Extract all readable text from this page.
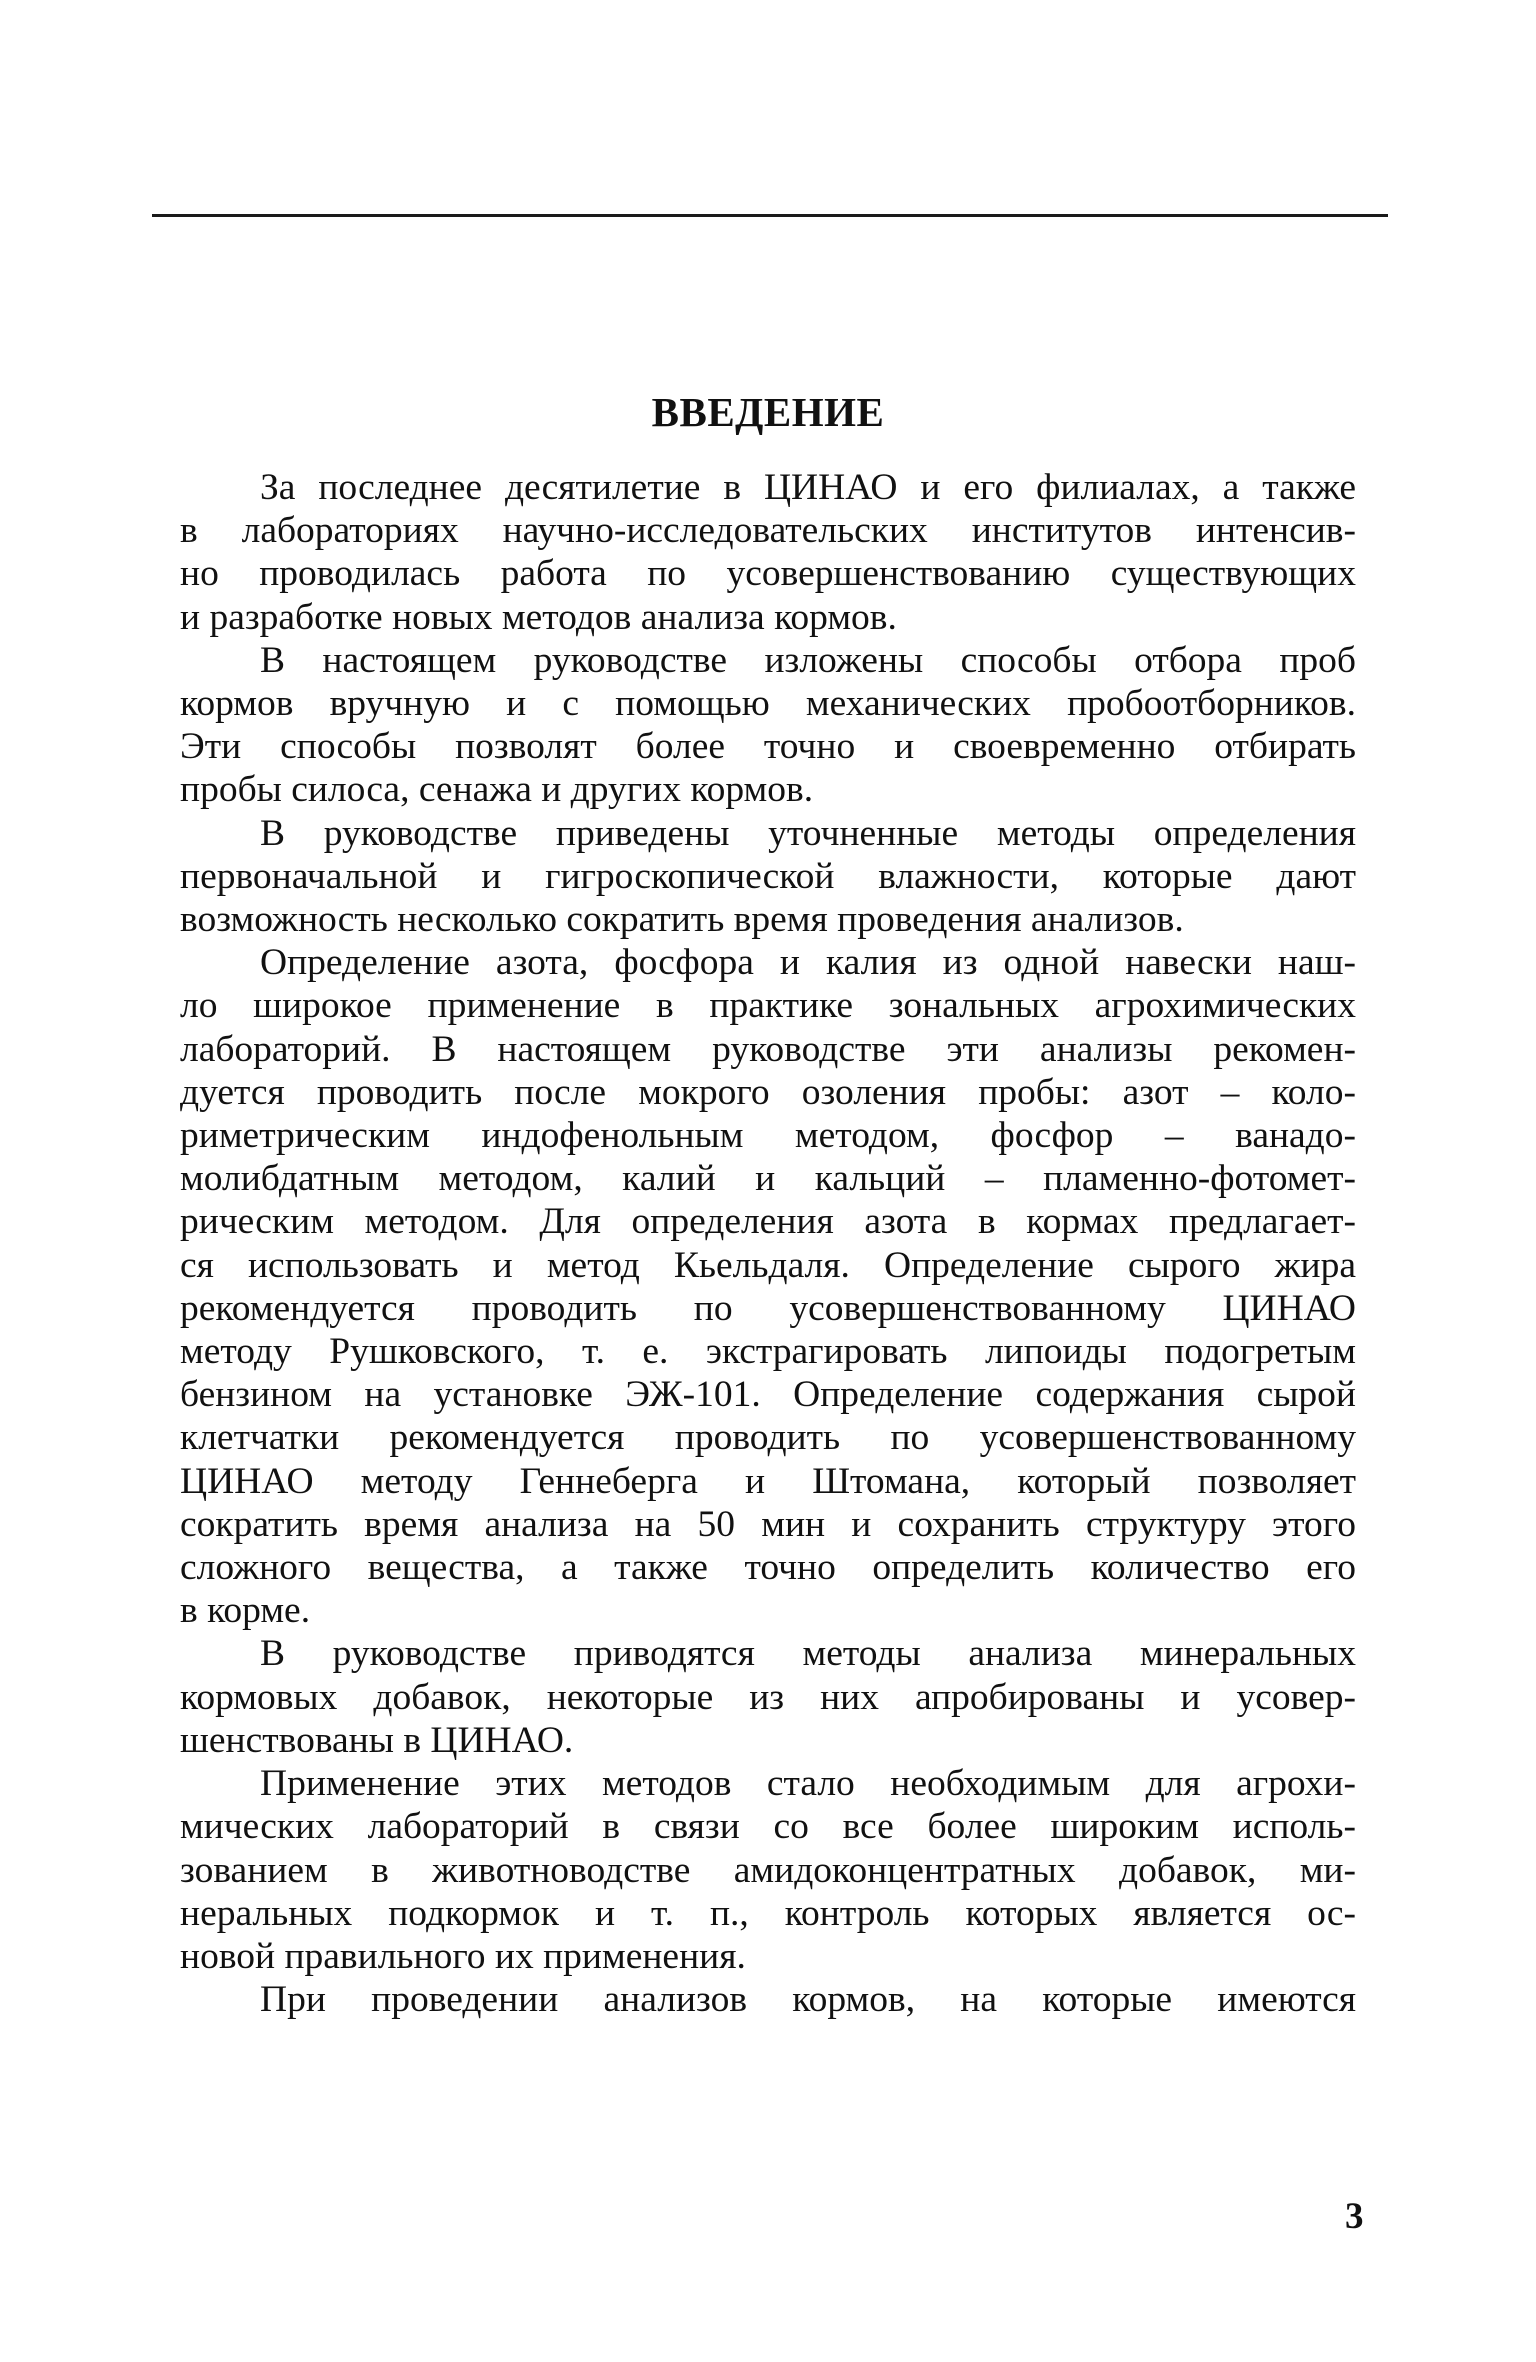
ВВЕДЕНИЕ
За последнее десятилетие в ЦИНАО и его филиалах, а также
в лабораториях научно-исследовательских институтов интенсив-
но проводилась работа по усовершенствованию существующих
и разработке новых методов анализа кормов.
В настоящем руководстве изложены способы отбора проб
кормов вручную и с помощью механических пробоотборников.
Эти способы позволят более точно и своевременно отбирать
пробы силоса, сенажа и других кормов.
В руководстве приведены уточненные методы определения
первоначальной и гигроскопической влажности, которые дают
возможность несколько сократить время проведения анализов.
Определение азота, фосфора и калия из одной навески наш-
ло широкое применение в практике зональных агрохимических
лабораторий. В настоящем руководстве эти анализы рекомен-
дуется проводить после мокрого озоления пробы: азот – коло-
риметрическим индофенольным методом, фосфор – ванадо-
молибдатным методом, калий и кальций – пламенно-фотомет-
рическим методом. Для определения азота в кормах предлагает-
ся использовать и метод Кьельдаля. Определение сырого жира
рекомендуется проводить по усовершенствованному ЦИНАО
методу Рушковского, т. е. экстрагировать липоиды подогретым
бензином на установке ЭЖ-101. Определение содержания сырой
клетчатки рекомендуется проводить по усовершенствованному
ЦИНАО методу Геннеберга и Штомана, который позволяет
сократить время анализа на 50 мин и сохранить структуру этого
сложного вещества, а также точно определить количество его
в корме.
В руководстве приводятся методы анализа минеральных
кормовых добавок, некоторые из них апробированы и усовер-
шенствованы в ЦИНАО.
Применение этих методов стало необходимым для агрохи-
мических лабораторий в связи со все более широким исполь-
зованием в животноводстве амидоконцентратных добавок, ми-
неральных подкормок и т. п., контроль которых является ос-
новой правильного их применения.
При проведении анализов кормов, на которые имеются
3
